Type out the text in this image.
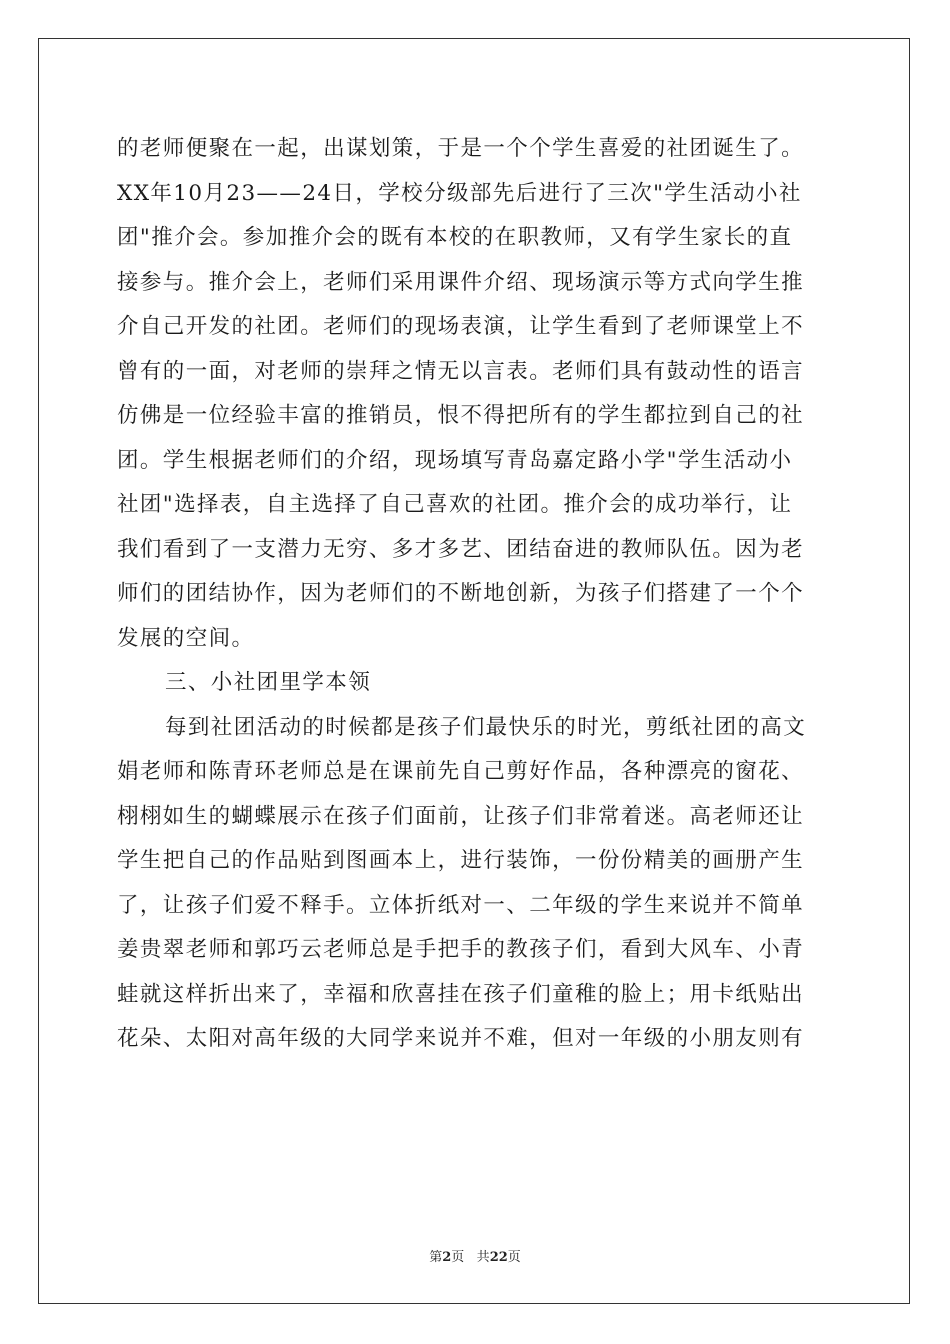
的老师便聚在一起，出谋划策，于是一个个学生喜爱的社团诞生了。
XX年10月23——24日，学校分级部先后进行了三次"学生活动小社
团"推介会。参加推介会的既有本校的在职教师，又有学生家长的直
接参与。推介会上，老师们采用课件介绍、现场演示等方式向学生推
介自己开发的社团。老师们的现场表演，让学生看到了老师课堂上不
曾有的一面，对老师的崇拜之情无以言表。老师们具有鼓动性的语言
仿佛是一位经验丰富的推销员，恨不得把所有的学生都拉到自己的社
团。学生根据老师们的介绍，现场填写青岛嘉定路小学"学生活动小
社团"选择表，自主选择了自己喜欢的社团。推介会的成功举行，让
我们看到了一支潜力无穷、多才多艺、团结奋进的教师队伍。因为老
师们的团结协作，因为老师们的不断地创新，为孩子们搭建了一个个
发展的空间。
三、小社团里学本领
每到社团活动的时候都是孩子们最快乐的时光，剪纸社团的高文
娟老师和陈青环老师总是在课前先自己剪好作品，各种漂亮的窗花、
栩栩如生的蝴蝶展示在孩子们面前，让孩子们非常着迷。高老师还让
学生把自己的作品贴到图画本上，进行装饰，一份份精美的画册产生
了，让孩子们爱不释手。立体折纸对一、二年级的学生来说并不简单
姜贵翠老师和郭巧云老师总是手把手的教孩子们，看到大风车、小青
蛙就这样折出来了，幸福和欣喜挂在孩子们童稚的脸上；用卡纸贴出
花朵、太阳对高年级的大同学来说并不难，但对一年级的小朋友则有
第2页 共22页
